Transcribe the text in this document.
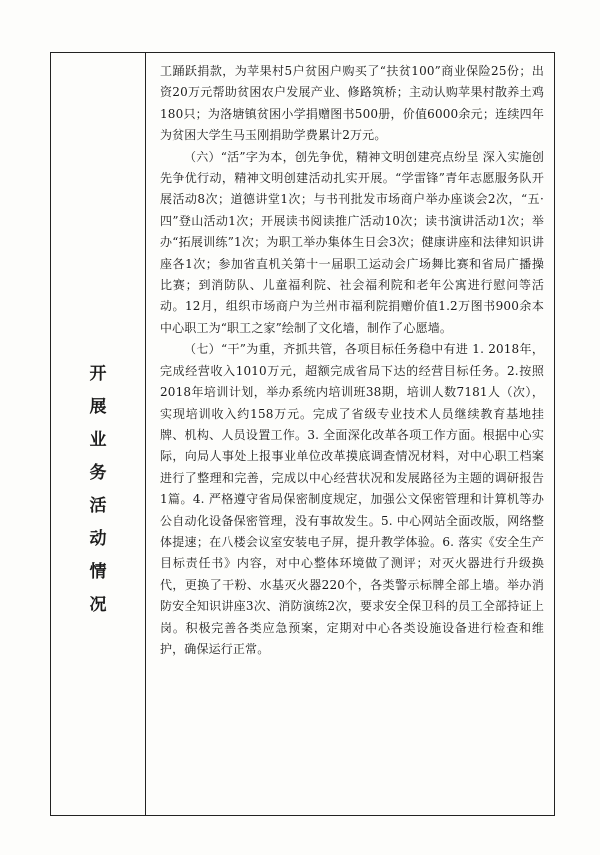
开
展
业
务
活
动
情
况

工踊跃捐款，为苹果村5户贫困户购买了“扶贫100”商业保险25份；出资20万元帮助贫困农户发展产业、修路筑桥；主动认购苹果村散养土鸡180只；为洛塘镇贫困小学捐赠图书500册，价值6000余元；连续四年为贫困大学生马玉刚捐助学费累计2万元。

（六）“活”字为本，创先争优，精神文明创建亮点纷呈 深入实施创先争优行动，精神文明创建活动扎实开展。“学雷锋”青年志愿服务队开展活动8次；道德讲堂1次；与书刊批发市场商户举办座谈会2次，“五·四”登山活动1次；开展读书阅读推广活动10次；读书演讲活动1次；举办“拓展训练”1次；为职工举办集体生日会3次；健康讲座和法律知识讲座各1次；参加省直机关第十一届职工运动会广场舞比赛和省局广播操比赛；到消防队、儿童福利院、社会福利院和老年公寓进行慰问等活动。12月，组织市场商户为兰州市福利院捐赠价值1.2万图书900余本中心职工为“职工之家”绘制了文化墙，制作了心愿墙。

（七）“干”为重，齐抓共管，各项目标任务稳中有进 1. 2018年，完成经营收入1010万元，超额完成省局下达的经营目标任务。2.按照2018年培训计划，举办系统内培训班38期，培训人数7181人（次），实现培训收入约158万元。完成了省级专业技术人员继续教育基地挂牌、机构、人员设置工作。3. 全面深化改革各项工作方面。根据中心实际，向局人事处上报事业单位改革摸底调查情况材料，对中心职工档案进行了整理和完善，完成以中心经营状况和发展路径为主题的调研报告1篇。4. 严格遵守省局保密制度规定，加强公文保密管理和计算机等办公自动化设备保密管理，没有事故发生。5. 中心网站全面改版，网络整体提速；在八楼会议室安装电子屏，提升教学体验。6. 落实《安全生产目标责任书》内容，对中心整体环境做了测评；对灭火器进行升级换代，更换了干粉、水基灭火器220个，各类警示标牌全部上墙。举办消防安全知识讲座3次、消防演练2次，要求安全保卫科的员工全部持证上岗。积极完善各类应急预案，定期对中心各类设施设备进行检查和维护，确保运行正常。
